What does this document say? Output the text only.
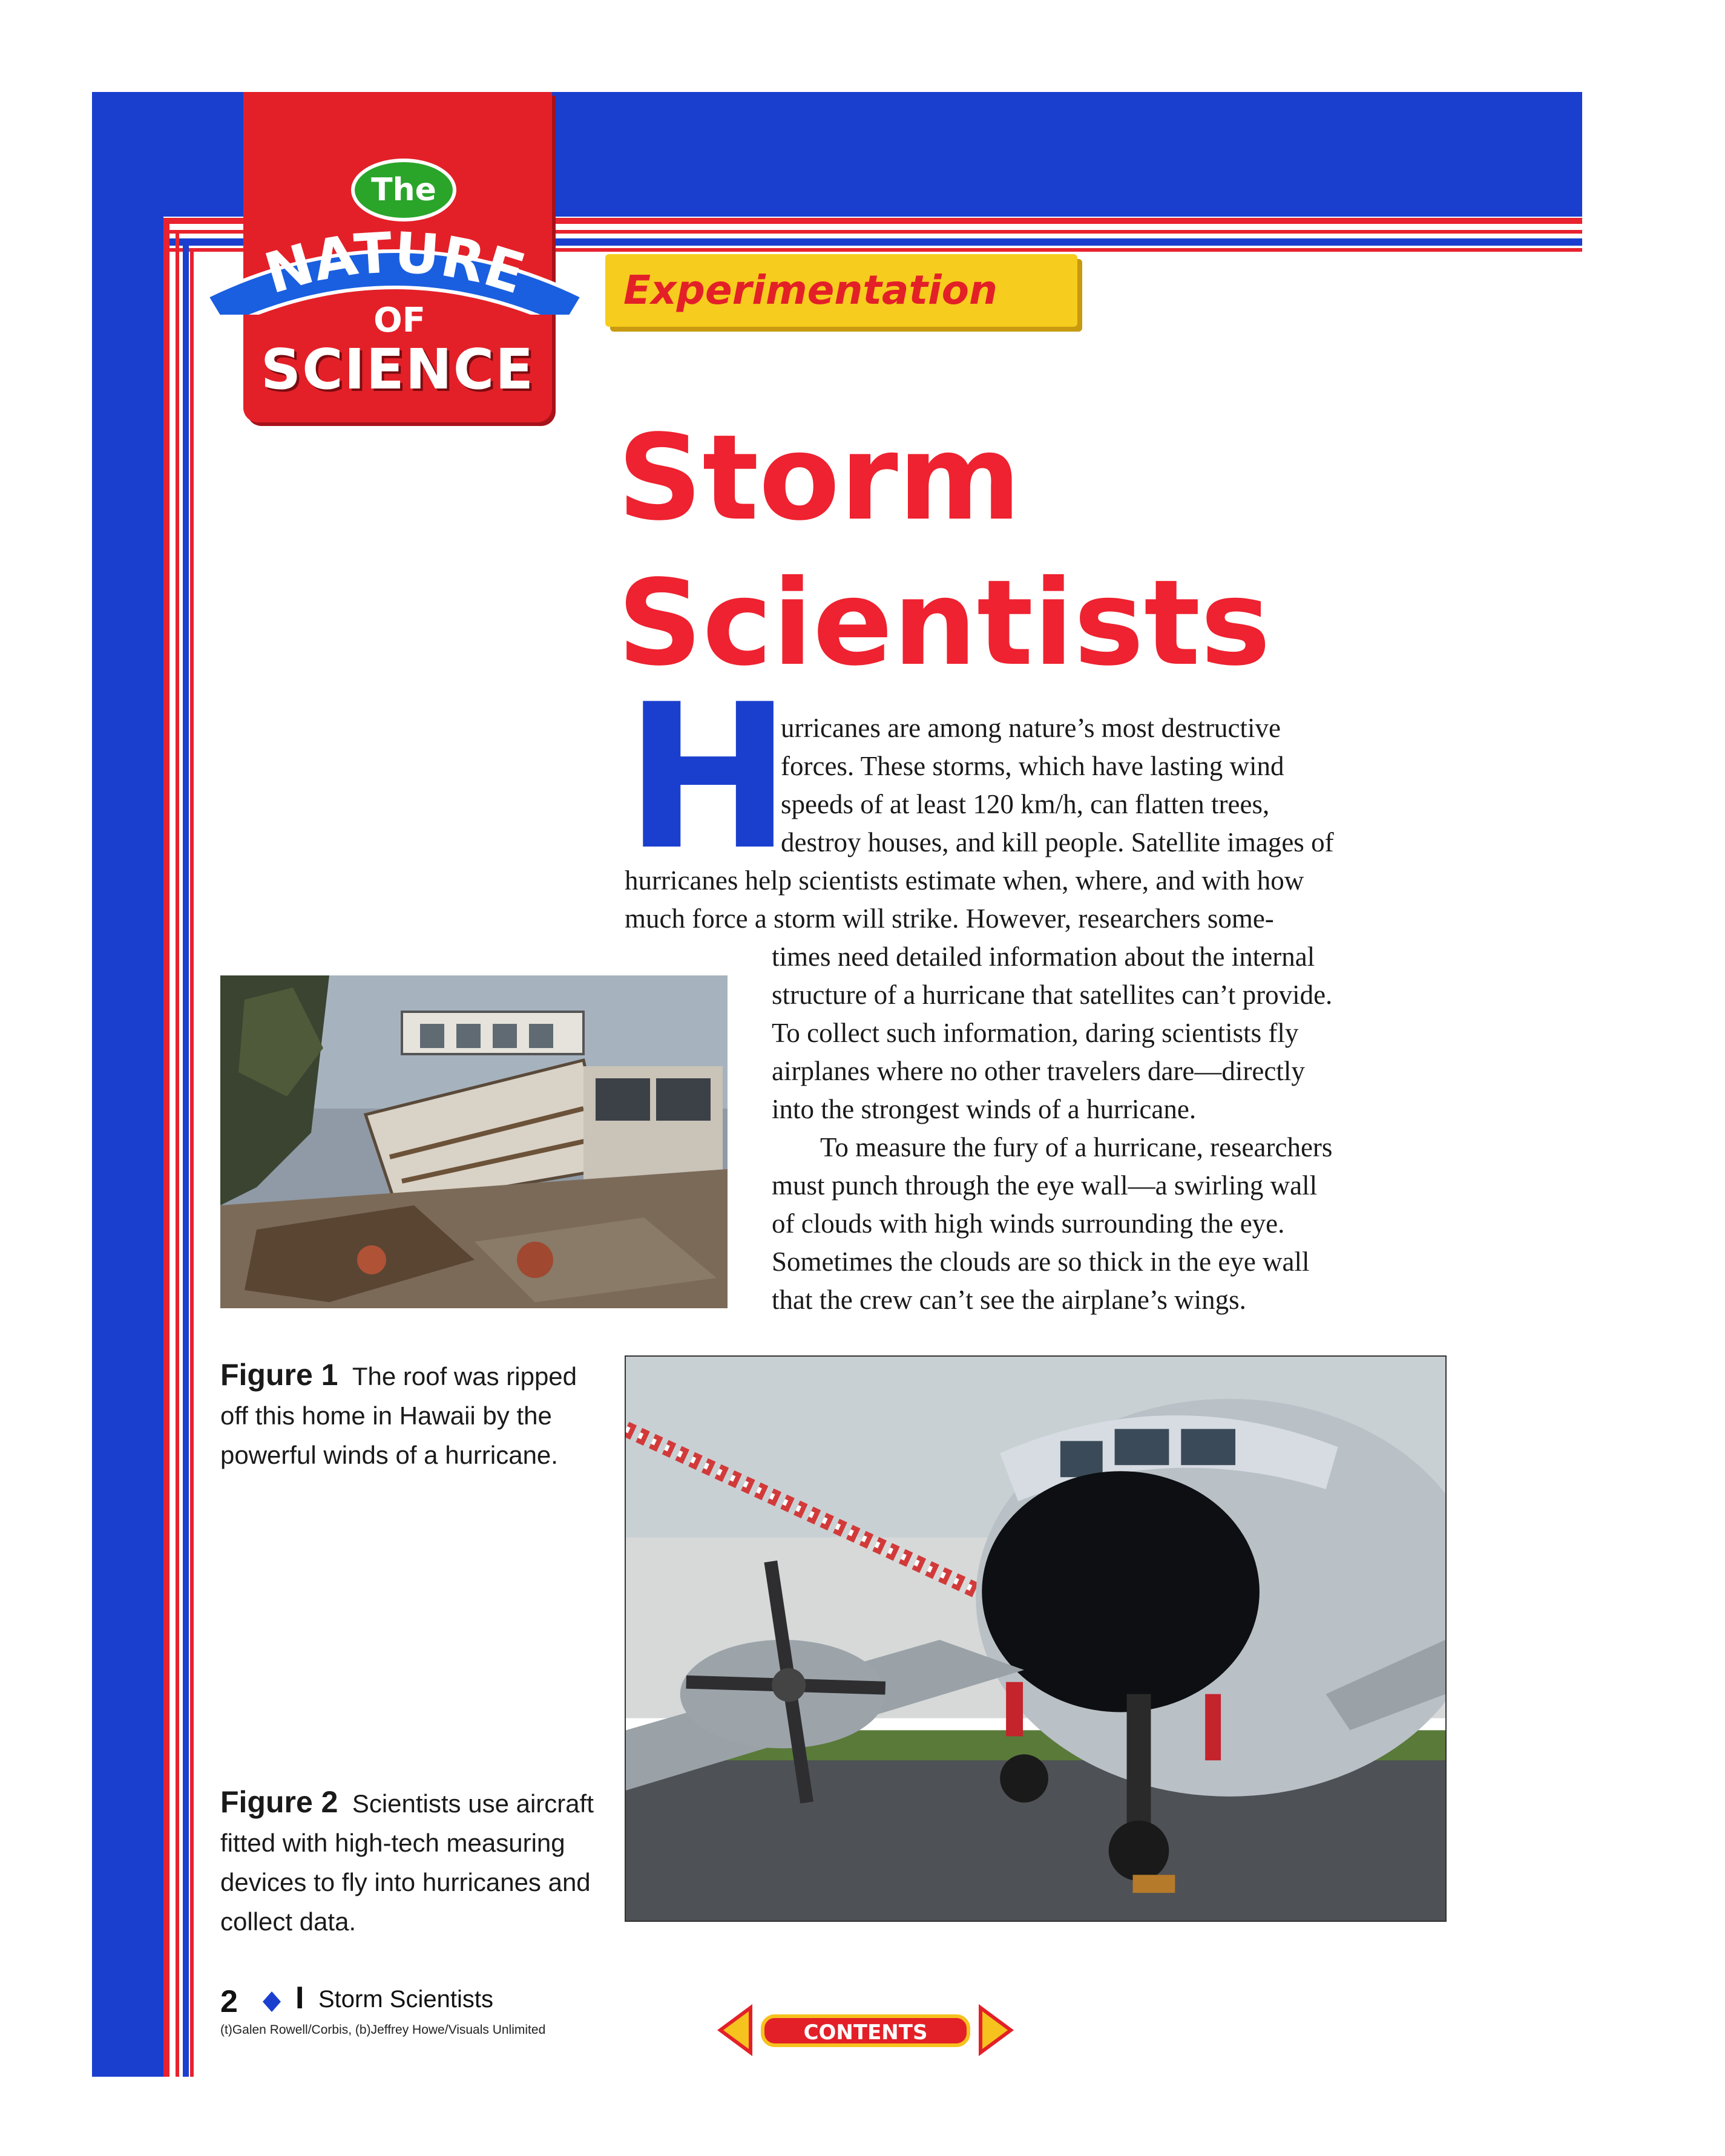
The
NATURE
OF
SCIENCE
Experimentation
Storm
Scientists
H
urricanes are among nature’s most destructive
forces. These storms, which have lasting wind
speeds of at least 120 km/h, can flatten trees,
destroy houses, and kill people. Satellite images of
hurricanes help scientists estimate when, where, and with how
much force a storm will strike. However, researchers some-
times need detailed information about the internal
structure of a hurricane that satellites can’t provide.
To collect such information, daring scientists fly
airplanes where no other travelers dare—directly
into the strongest winds of a hurricane.
To measure the fury of a hurricane, researchers
must punch through the eye wall—a swirling wall
of clouds with high winds surrounding the eye.
Sometimes the clouds are so thick in the eye wall
that the crew can’t see the airplane’s wings.
Figure 1 The roof was ripped
off this home in Hawaii by the
powerful winds of a hurricane.
Figure 2 Scientists use aircraft
fitted with high-tech measuring
devices to fly into hurricanes and
collect data.
2 I Storm Scientists
(t)Galen Rowell/Corbis, (b)Jeffrey Howe/Visuals Unlimited	CONTENTS
